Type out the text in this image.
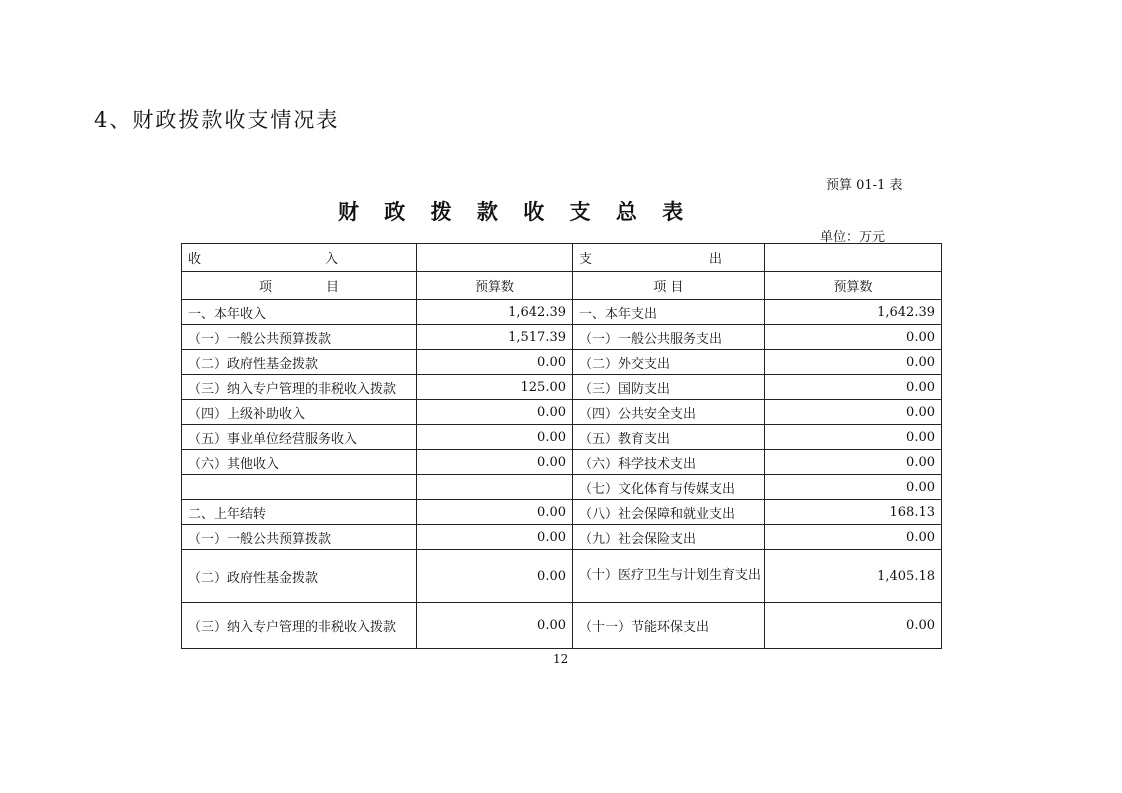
4、财政拨款收支情况表
预算 01-1 表
财 政 拨 款 收 支 总 表
单位：万元
收 入		支 出	

项 目	预算数	项 目	预算数
一、本年收入	1,642.39	一、本年支出	1,642.39
（一）一般公共预算拨款	1,517.39	（一）一般公共服务支出	0.00
（二）政府性基金拨款	0.00	（二）外交支出	0.00
（三）纳入专户管理的非税收入拨款	125.00	（三）国防支出	0.00
（四）上级补助收入	0.00	（四）公共安全支出	0.00
（五）事业单位经营服务收入	0.00	（五）教育支出	0.00
（六）其他收入	0.00	（六）科学技术支出	0.00
		（七）文化体育与传媒支出	0.00
二、上年结转	0.00	（八）社会保障和就业支出	168.13
（一）一般公共预算拨款	0.00	（九）社会保险支出	0.00
（二）政府性基金拨款	0.00	（十）医疗卫生与计划生育支出	1,405.18
（三）纳入专户管理的非税收入拨款	0.00	（十一）节能环保支出	0.00
12
